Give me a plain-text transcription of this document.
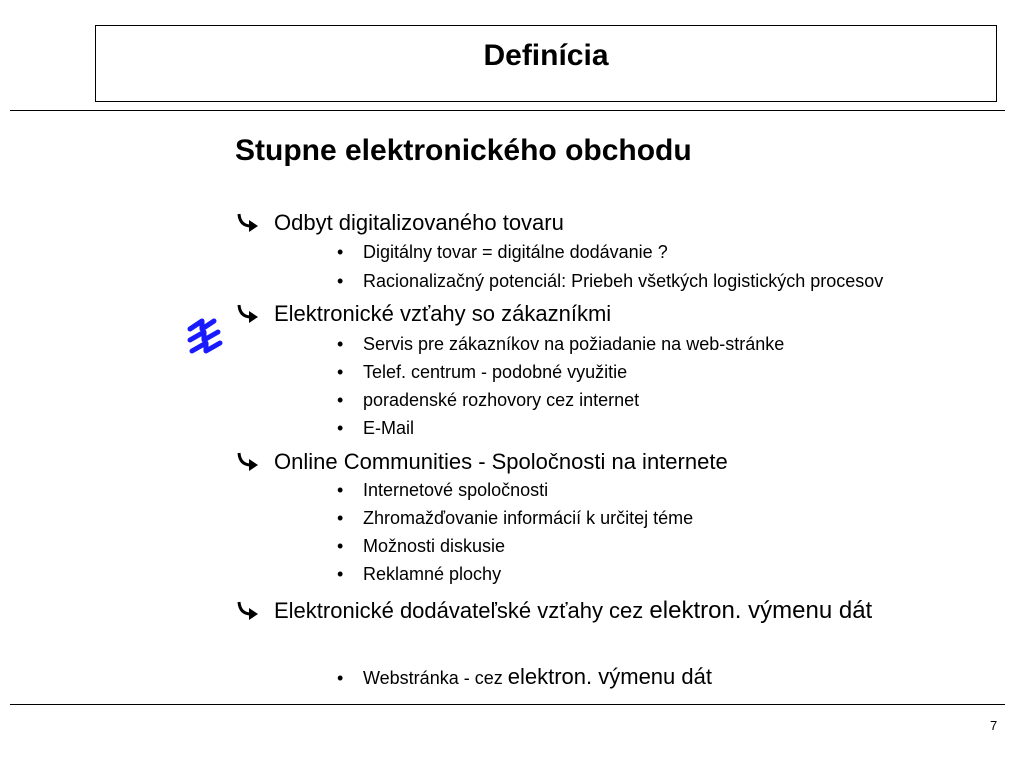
Definícia
Stupne elektronického obchodu
Odbyt digitalizovaného tovaru
• Digitálny tovar = digitálne dodávanie ?
• Racionalizačný potenciál: Priebeh všetkých logistických procesov
Elektronické vzťahy so zákazníkmi
• Servis pre zákazníkov na požiadanie na web-stránke
• Telef. centrum - podobné využitie
• poradenské rozhovory cez internet
• E-Mail
Online Communities - Spoločnosti na internete
• Internetové spoločnosti
• Zhromažďovanie informácií k určitej téme
• Možnosti diskusie
• Reklamné plochy
Elektronické dodávateľské vzťahy cez elektron. výmenu dát
• Webstránka - cez elektron. výmenu dát
7
